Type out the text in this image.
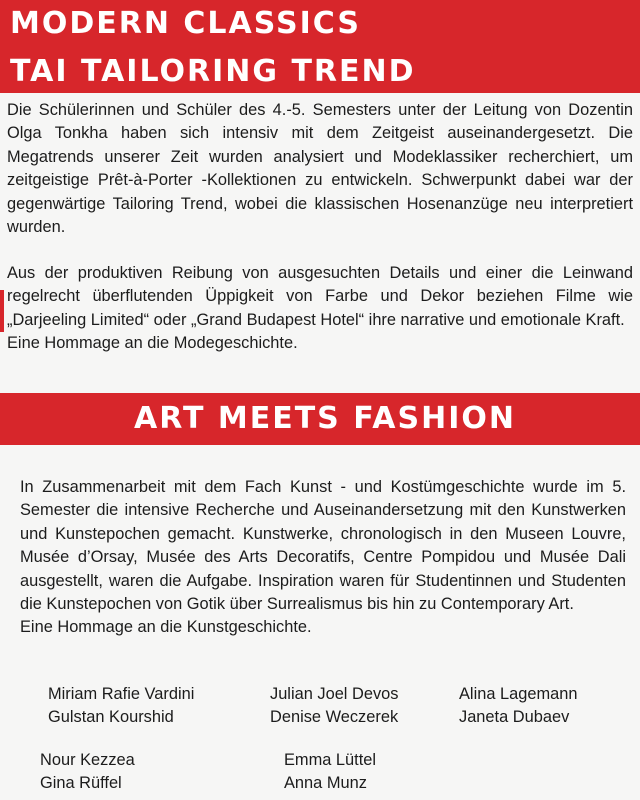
MODERN CLASSICS
TAI TAILORING TREND

Die Schülerinnen und Schüler des 4.-5. Semesters unter der Leitung von Dozentin Olga Tonkha haben sich intensiv mit dem Zeitgeist auseinandergesetzt. Die Megatrends unserer Zeit wurden analysiert und Modeklassiker recherchiert, um zeitgeistige Prêt-à-Porter -Kollektionen zu entwickeln. Schwerpunkt dabei war der gegenwärtige Tailoring Trend, wobei die klassischen Hosenanzüge neu interpretiert wurden.

Aus der produktiven Reibung von ausgesuchten Details und einer die Leinwand regelrecht überflutenden Üppigkeit von Farbe und Dekor beziehen Filme wie „Darjeeling Limited“ oder „Grand Budapest Hotel“ ihre narrative und emotionale Kraft.
Eine Hommage an die Modegeschichte.

ART MEETS FASHION

In Zusammenarbeit mit dem Fach Kunst - und Kostümgeschichte wurde im 5. Semester die intensive Recherche und Auseinandersetzung mit den Kunstwerken und Kunstepochen gemacht. Kunstwerke, chronologisch in den Museen Louvre, Musée d’Orsay, Musée des Arts Decoratifs, Centre Pompidou und Musée Dali ausgestellt, waren die Aufgabe. Inspiration waren für Studentinnen und Studenten die Kunstepochen von Gotik über Surrealismus bis hin zu Contemporary Art.
Eine Hommage an die Kunstgeschichte.

Miriam Rafie Vardini
Gulstan Kourshid
Julian Joel Devos
Denise Weczerek
Alina Lagemann
Janeta Dubaev
Nour Kezzea
Gina Rüffel
Emma Lüttel
Anna Munz
